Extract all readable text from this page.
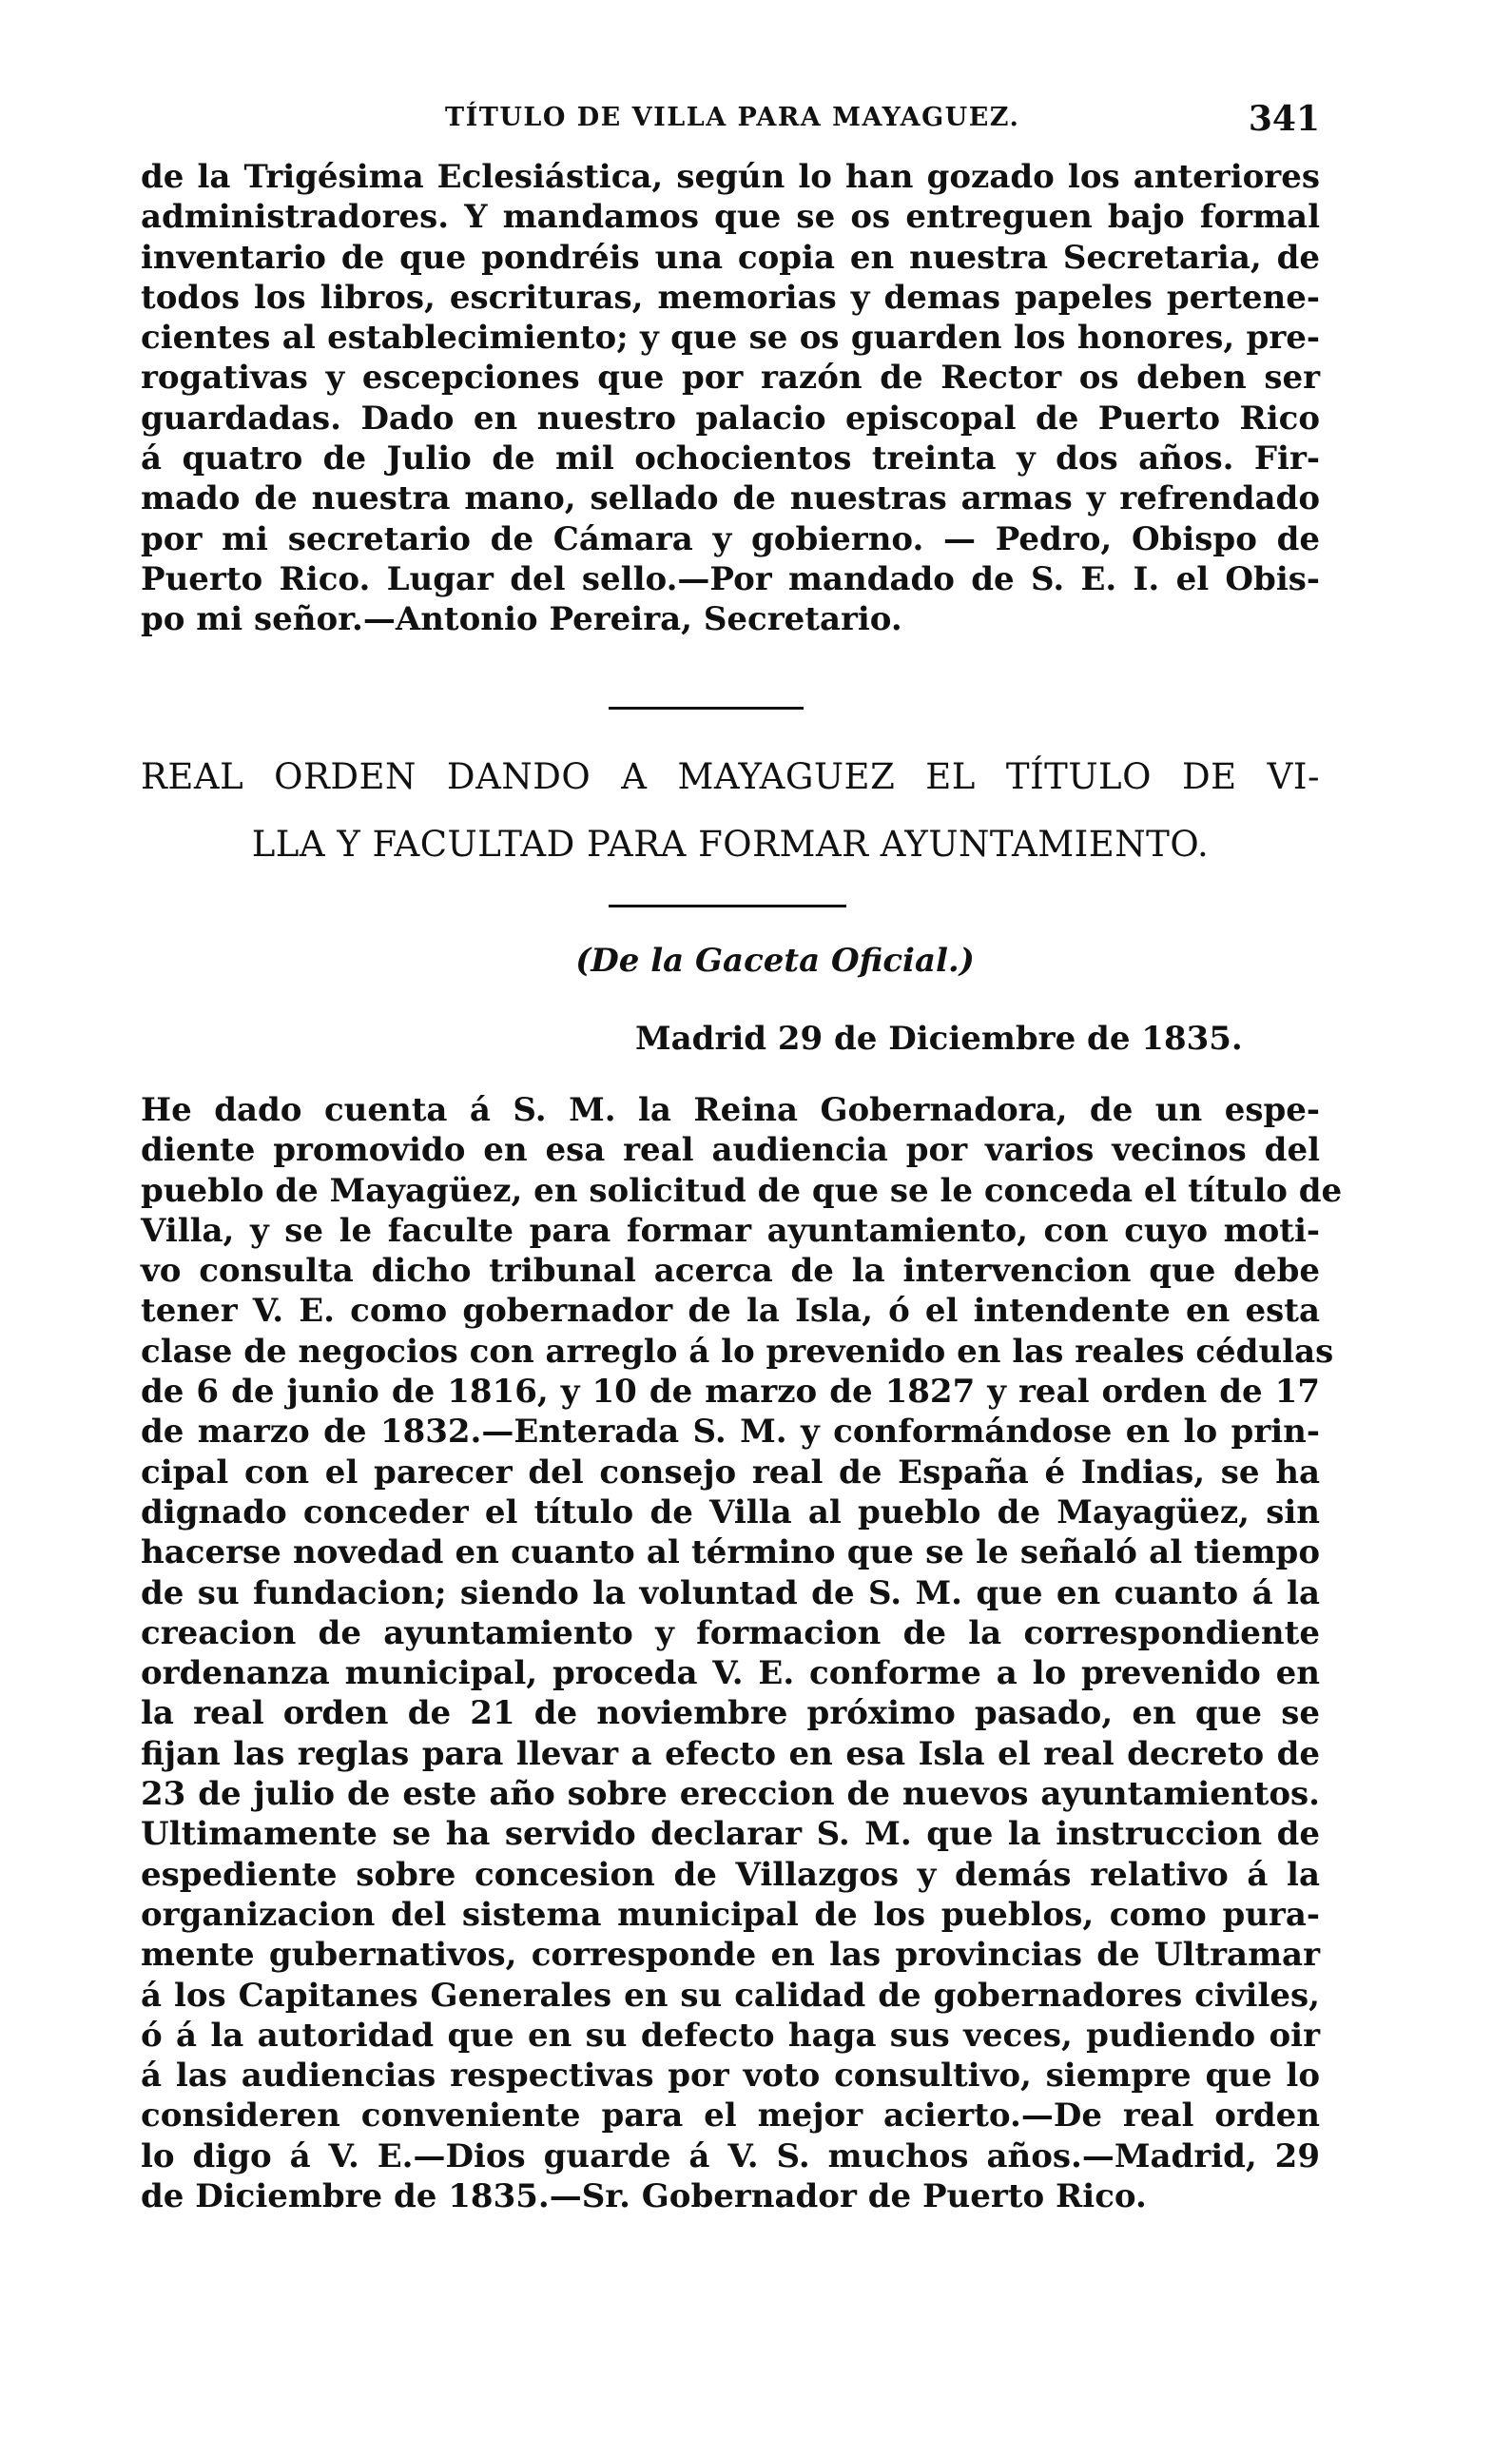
TÍTULO DE VILLA PARA MAYAGUEZ.	341
de la Trigésima Eclesiástica, según lo han gozado los anteriores
administradores. Y mandamos que se os entreguen bajo formal
inventario de que pondréis una copia en nuestra Secretaria, de
todos los libros, escrituras, memorias y demas papeles pertene-
cientes al establecimiento; y que se os guarden los honores, pre-
rogativas y escepciones que por razón de Rector os deben ser
guardadas. Dado en nuestro palacio episcopal de Puerto Rico
á quatro de Julio de mil ochocientos treinta y dos años. Fir-
mado de nuestra mano, sellado de nuestras armas y refrendado
por mi secretario de Cámara y gobierno. — Pedro, Obispo de
Puerto Rico. Lugar del sello.—Por mandado de S. E. I. el Obis-
po mi señor.—Antonio Pereira, Secretario.
REAL ORDEN DANDO A MAYAGUEZ EL TÍTULO DE VI-
LLA Y FACULTAD PARA FORMAR AYUNTAMIENTO.
(De la Gaceta Oficial.)
Madrid 29 de Diciembre de 1835.
He dado cuenta á S. M. la Reina Gobernadora, de un espe-
diente promovido en esa real audiencia por varios vecinos del
pueblo de Mayagüez, en solicitud de que se le conceda el título de
Villa, y se le faculte para formar ayuntamiento, con cuyo moti-
vo consulta dicho tribunal acerca de la intervencion que debe
tener V. E. como gobernador de la Isla, ó el intendente en esta
clase de negocios con arreglo á lo prevenido en las reales cédulas
de 6 de junio de 1816, y 10 de marzo de 1827 y real orden de 17
de marzo de 1832.—Enterada S. M. y conformándose en lo prin-
cipal con el parecer del consejo real de España é Indias, se ha
dignado conceder el título de Villa al pueblo de Mayagüez, sin
hacerse novedad en cuanto al término que se le señaló al tiempo
de su fundacion; siendo la voluntad de S. M. que en cuanto á la
creacion de ayuntamiento y formacion de la correspondiente
ordenanza municipal, proceda V. E. conforme a lo prevenido en
la real orden de 21 de noviembre próximo pasado, en que se
fijan las reglas para llevar a efecto en esa Isla el real decreto de
23 de julio de este año sobre ereccion de nuevos ayuntamientos.
Ultimamente se ha servido declarar S. M. que la instruccion de
espediente sobre concesion de Villazgos y demás relativo á la
organizacion del sistema municipal de los pueblos, como pura-
mente gubernativos, corresponde en las provincias de Ultramar
á los Capitanes Generales en su calidad de gobernadores civiles,
ó á la autoridad que en su defecto haga sus veces, pudiendo oir
á las audiencias respectivas por voto consultivo, siempre que lo
consideren conveniente para el mejor acierto.—De real orden
lo digo á V. E.—Dios guarde á V. S. muchos años.—Madrid, 29
de Diciembre de 1835.—Sr. Gobernador de Puerto Rico.
